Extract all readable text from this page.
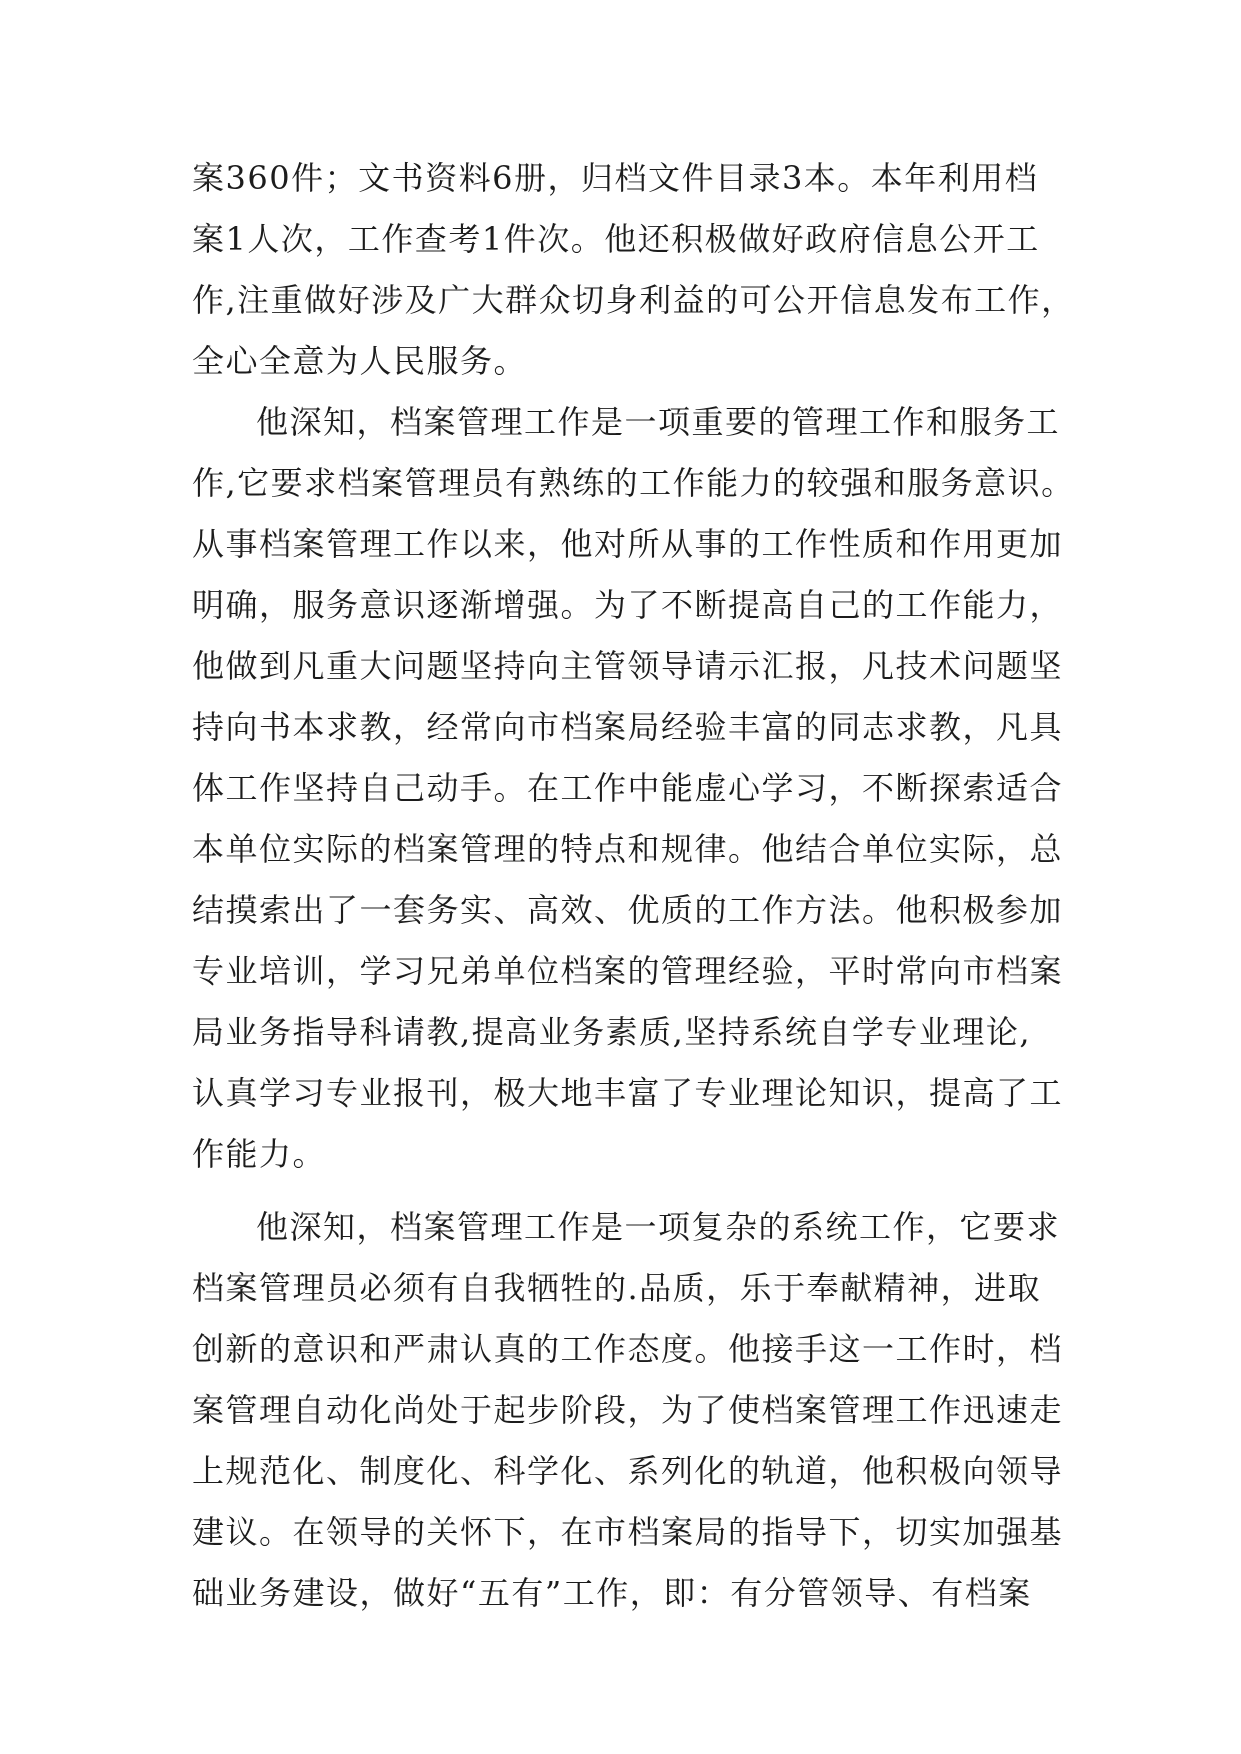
案360件；文书资料6册，归档文件目录3本。本年利用档
案1人次，工作查考1件次。他还积极做好政府信息公开工
作,注重做好涉及广大群众切身利益的可公开信息发布工作，
全心全意为人民服务。
他深知，档案管理工作是一项重要的管理工作和服务工
作,它要求档案管理员有熟练的工作能力的较强和服务意识。
从事档案管理工作以来，他对所从事的工作性质和作用更加
明确，服务意识逐渐增强。为了不断提高自己的工作能力，
他做到凡重大问题坚持向主管领导请示汇报，凡技术问题坚
持向书本求教，经常向市档案局经验丰富的同志求教，凡具
体工作坚持自己动手。在工作中能虚心学习，不断探索适合
本单位实际的档案管理的特点和规律。他结合单位实际，总
结摸索出了一套务实、高效、优质的工作方法。他积极参加
专业培训，学习兄弟单位档案的管理经验，平时常向市档案
局业务指导科请教,提高业务素质,坚持系统自学专业理论,
认真学习专业报刊，极大地丰富了专业理论知识，提高了工
作能力。
他深知，档案管理工作是一项复杂的系统工作，它要求
档案管理员必须有自我牺牲的.品质，乐于奉献精神，进取
创新的意识和严肃认真的工作态度。他接手这一工作时，档
案管理自动化尚处于起步阶段，为了使档案管理工作迅速走
上规范化、制度化、科学化、系列化的轨道，他积极向领导
建议。在领导的关怀下，在市档案局的指导下，切实加强基
础业务建设，做好“五有”工作，即：有分管领导、有档案
